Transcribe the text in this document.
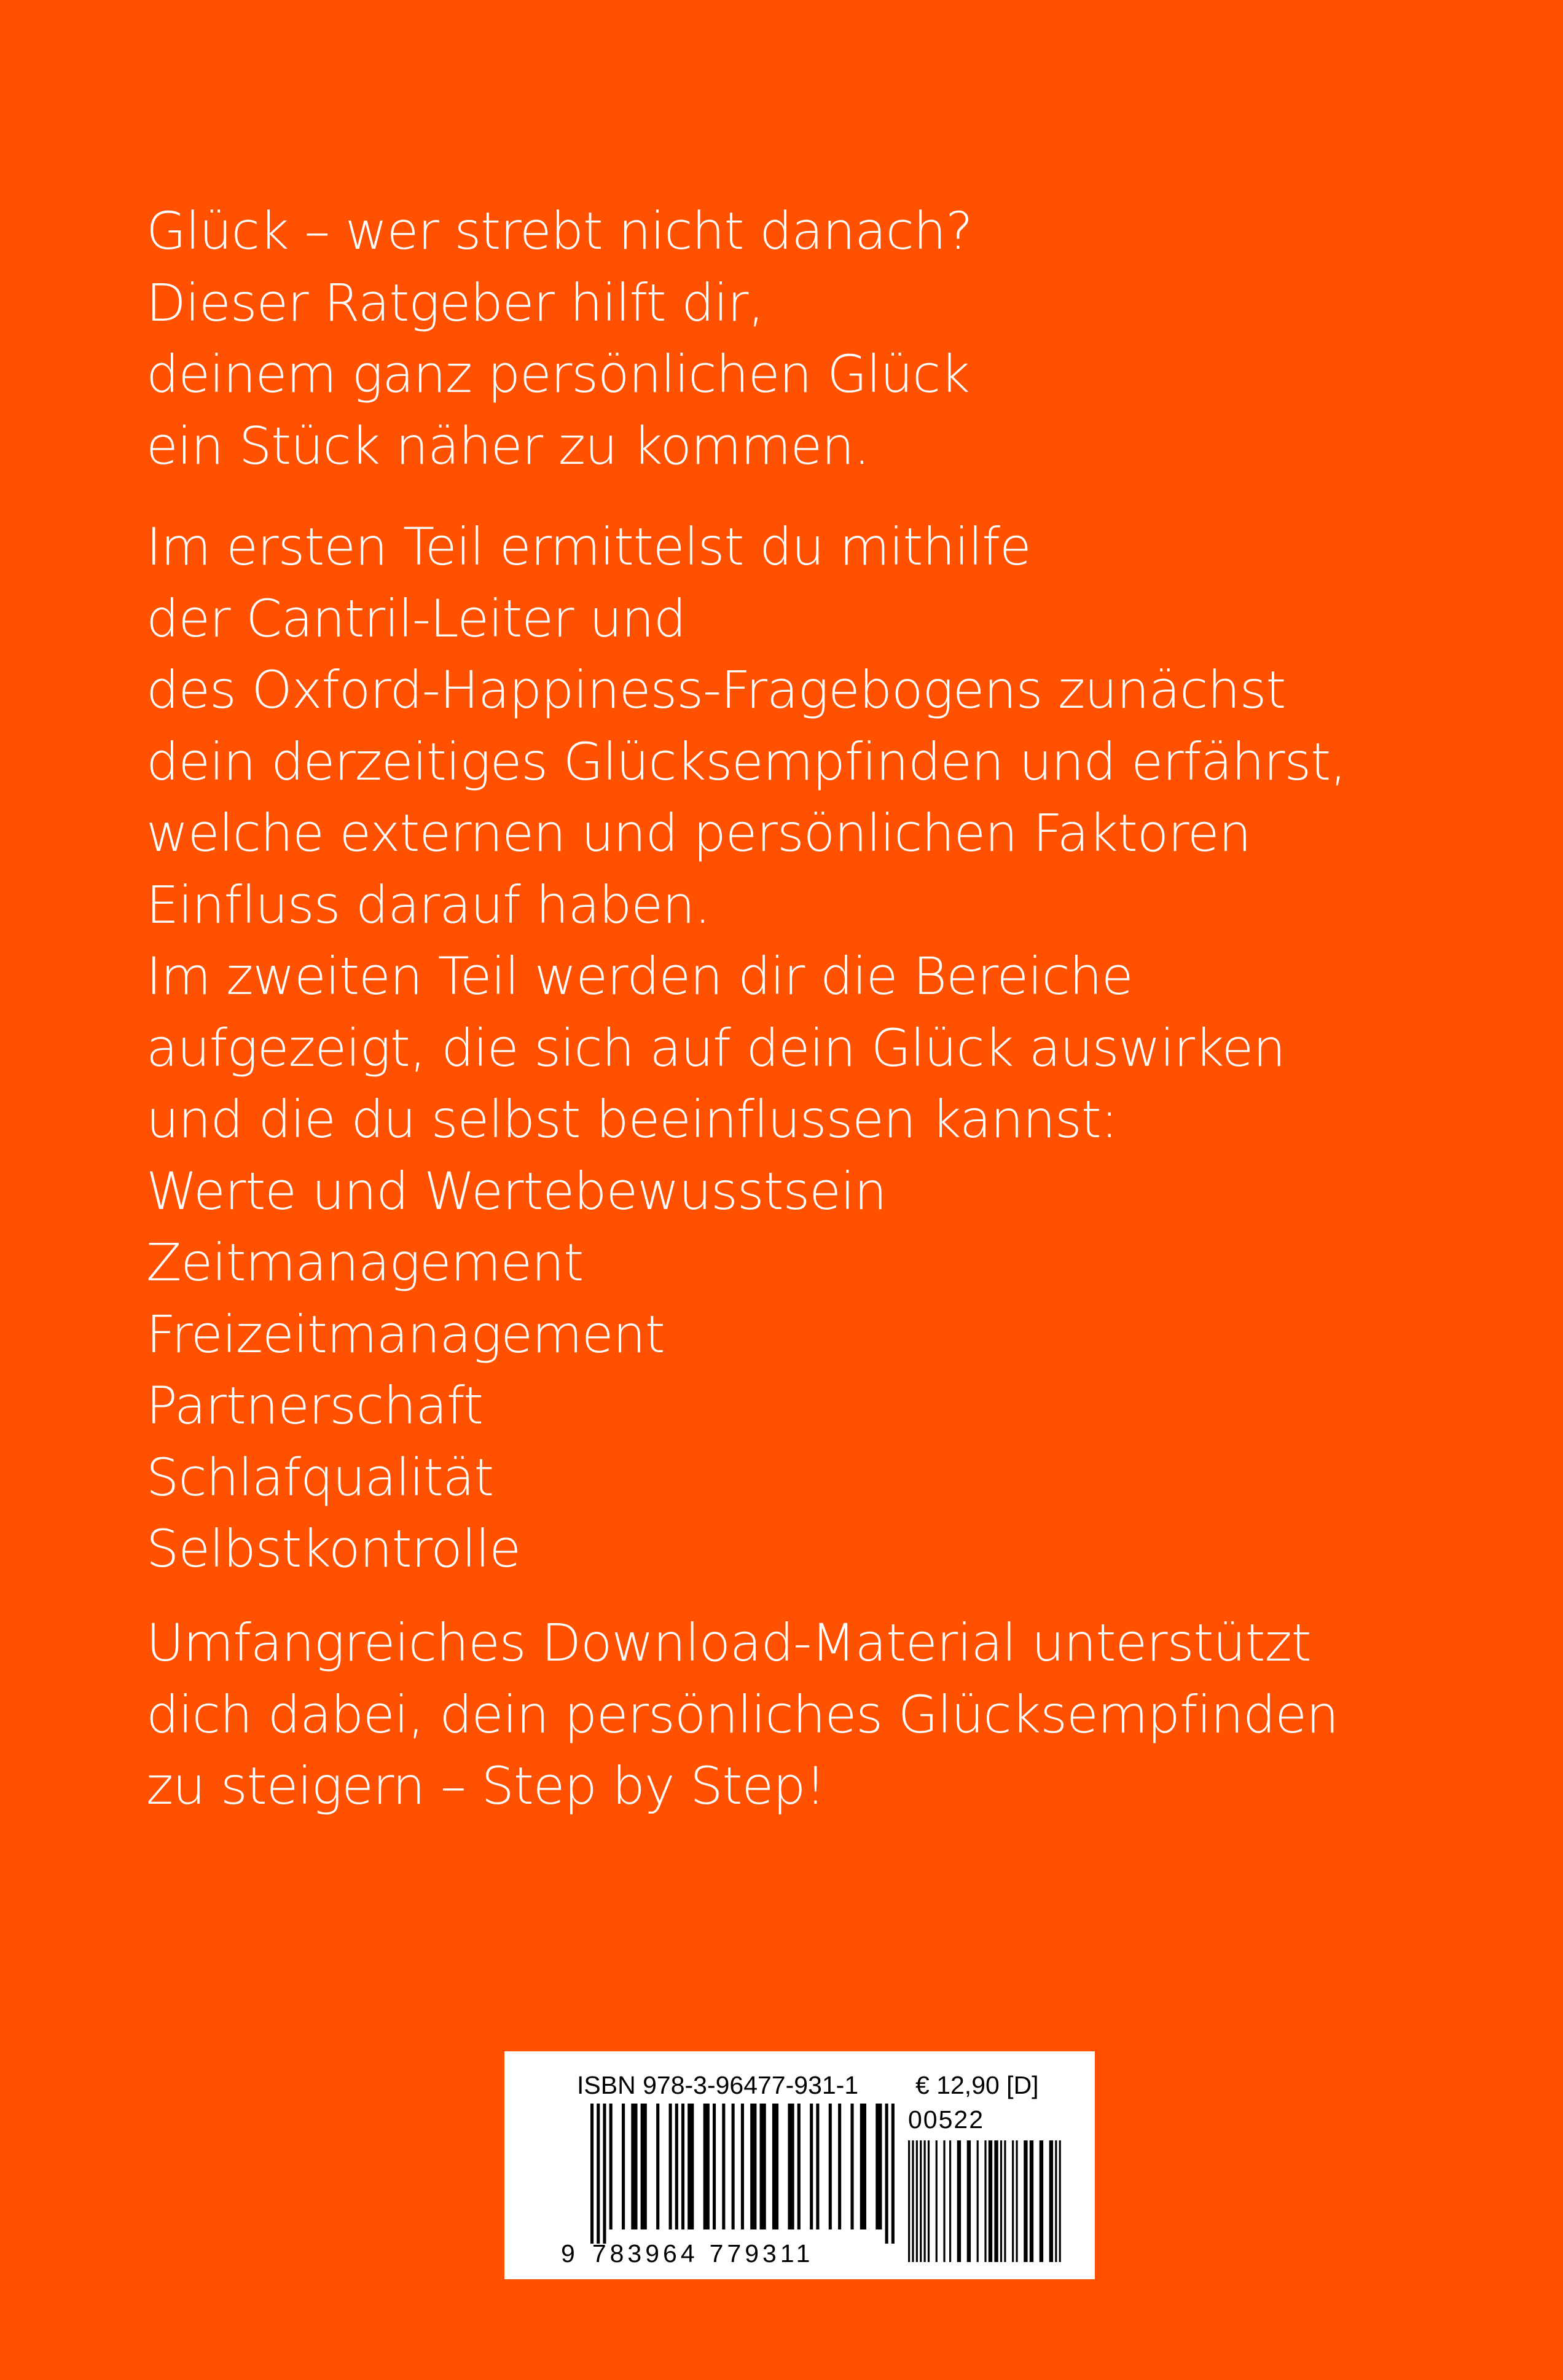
Glück – wer strebt nicht danach?
Dieser Ratgeber hilft dir,
deinem ganz persönlichen Glück
ein Stück näher zu kommen.
Im ersten Teil ermittelst du mithilfe
der Cantril-Leiter und
des Oxford-Happiness-Fragebogens zunächst
dein derzeitiges Glücksempfinden und erfährst,
welche externen und persönlichen Faktoren
Einfluss darauf haben.
Im zweiten Teil werden dir die Bereiche
aufgezeigt, die sich auf dein Glück auswirken
und die du selbst beeinflussen kannst:
Werte und Wertebewusstsein
Zeitmanagement
Freizeitmanagement
Partnerschaft
Schlafqualität
Selbstkontrolle
Umfangreiches Download-Material unterstützt
dich dabei, dein persönliches Glücksempfinden
zu steigern – Step by Step!
ISBN 978-3-96477-931-1 € 12,90 [D]
00522
9 783964 779311
